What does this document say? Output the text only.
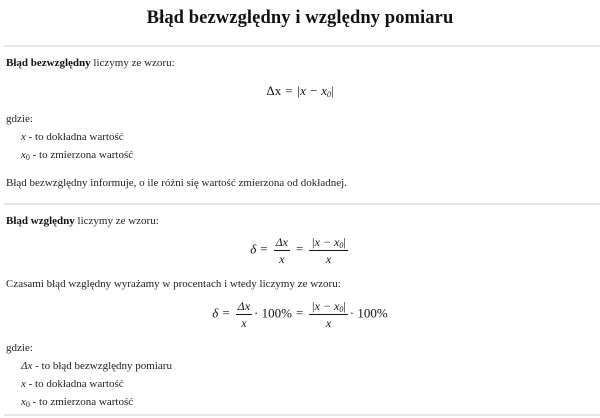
Błąd bezwzględny i względny pomiaru
Błąd bezwzględny liczymy ze wzoru:
$\Delta x = |x - x_0|$
gdzie:
x - to dokładna wartość
$x_0$ - to zmierzona wartość
Błąd bezwzględny informuje, o ile różni się wartość zmierzona od dokładnej.
Błąd względny liczymy ze wzoru:
$\delta = \frac{\Delta x}{x} = \frac{|x - x_0|}{x}$
Czasami błąd względny wyrażamy w procentach i wtedy liczymy ze wzoru:
$\delta = \frac{\Delta x}{x} \cdot 100\% = \frac{|x - x_0|}{x} \cdot 100\%$
gdzie:
Δx - to błąd bezwzględny pomiaru
x - to dokładna wartość
$x_0$ - to zmierzona wartość
